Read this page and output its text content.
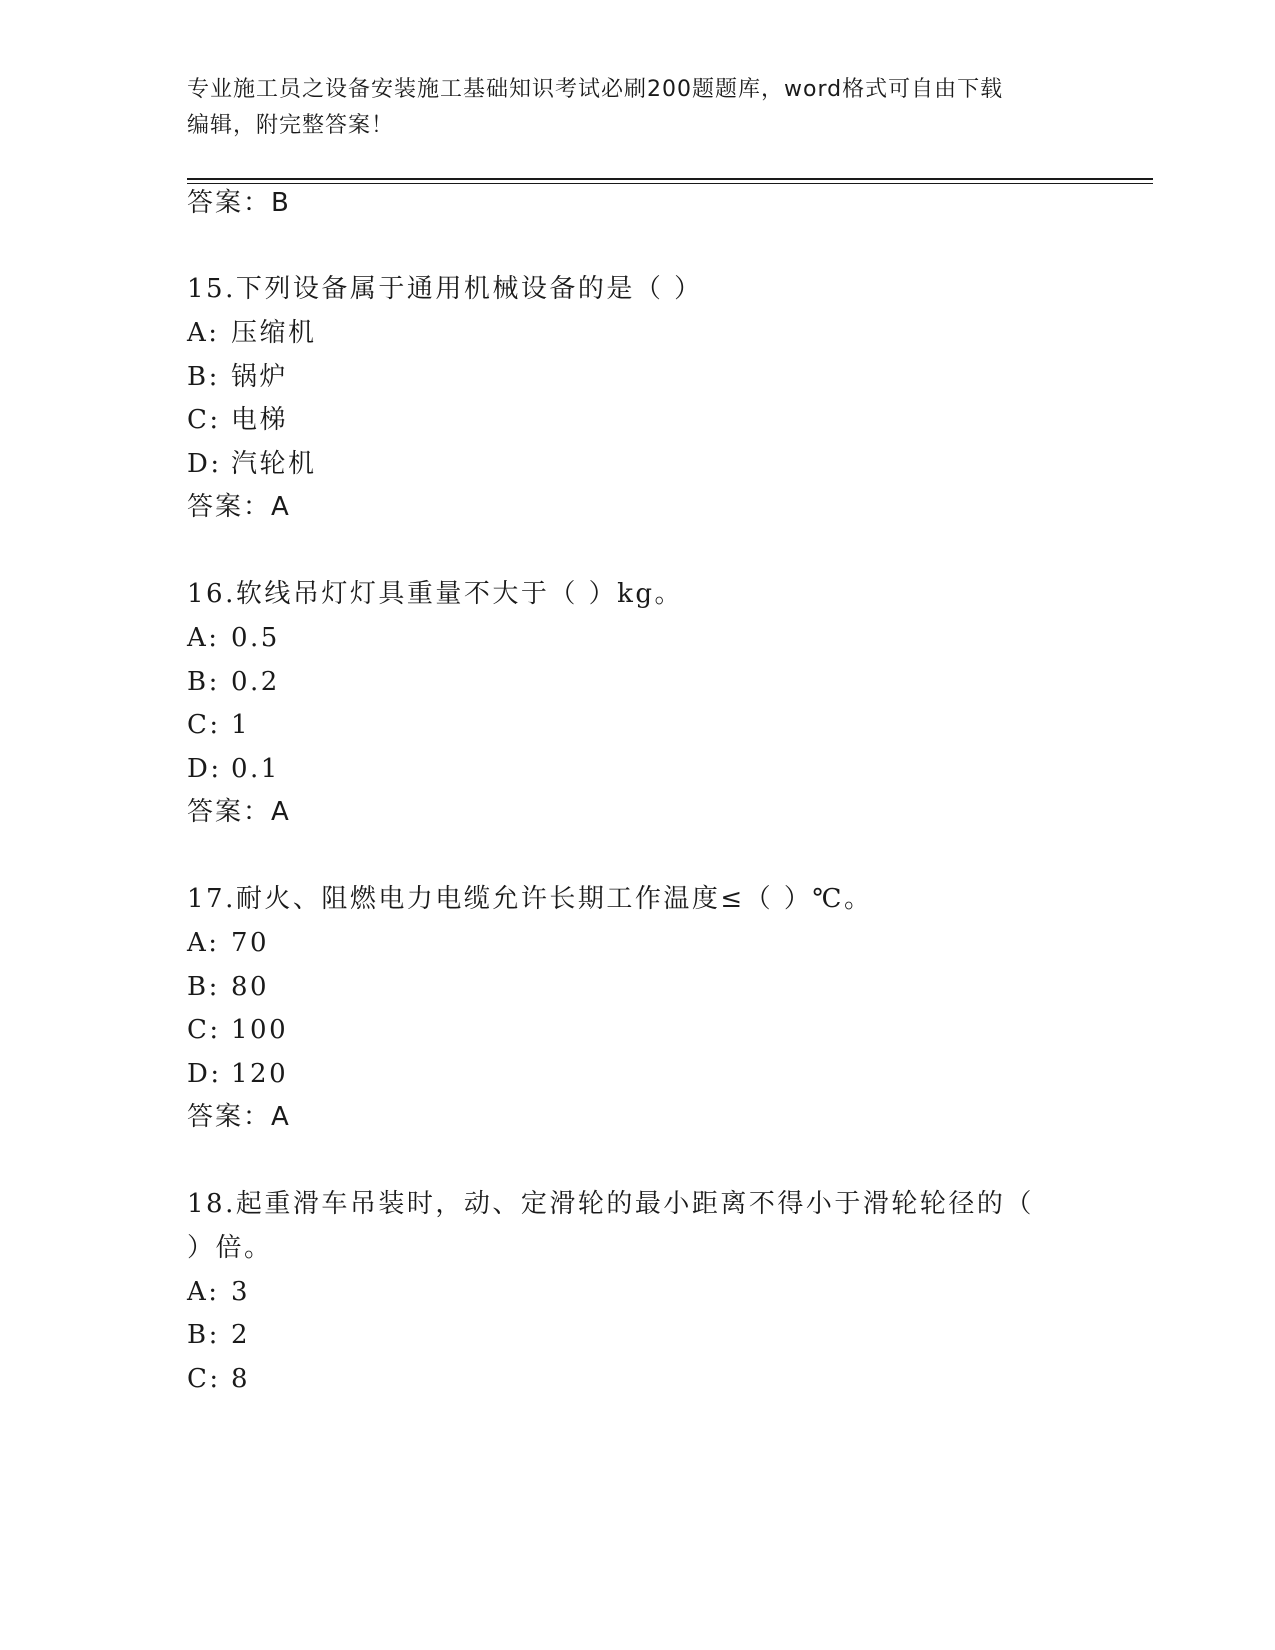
专业施工员之设备安装施工基础知识考试必刷200题题库，word格式可自由下载
编辑，附完整答案！
答案：B
15.下列设备属于通用机械设备的是（ ）
A: 压缩机
B: 锅炉
C: 电梯
D: 汽轮机
答案：A
16.软线吊灯灯具重量不大于（ ）kg。
A: 0.5
B: 0.2
C: 1
D: 0.1
答案：A
17.耐火、阻燃电力电缆允许长期工作温度≤（ ）℃。
A: 70
B: 80
C: 100
D: 120
答案：A
18.起重滑车吊装时，动、定滑轮的最小距离不得小于滑轮轮径的（
）倍。
A: 3
B: 2
C: 8
